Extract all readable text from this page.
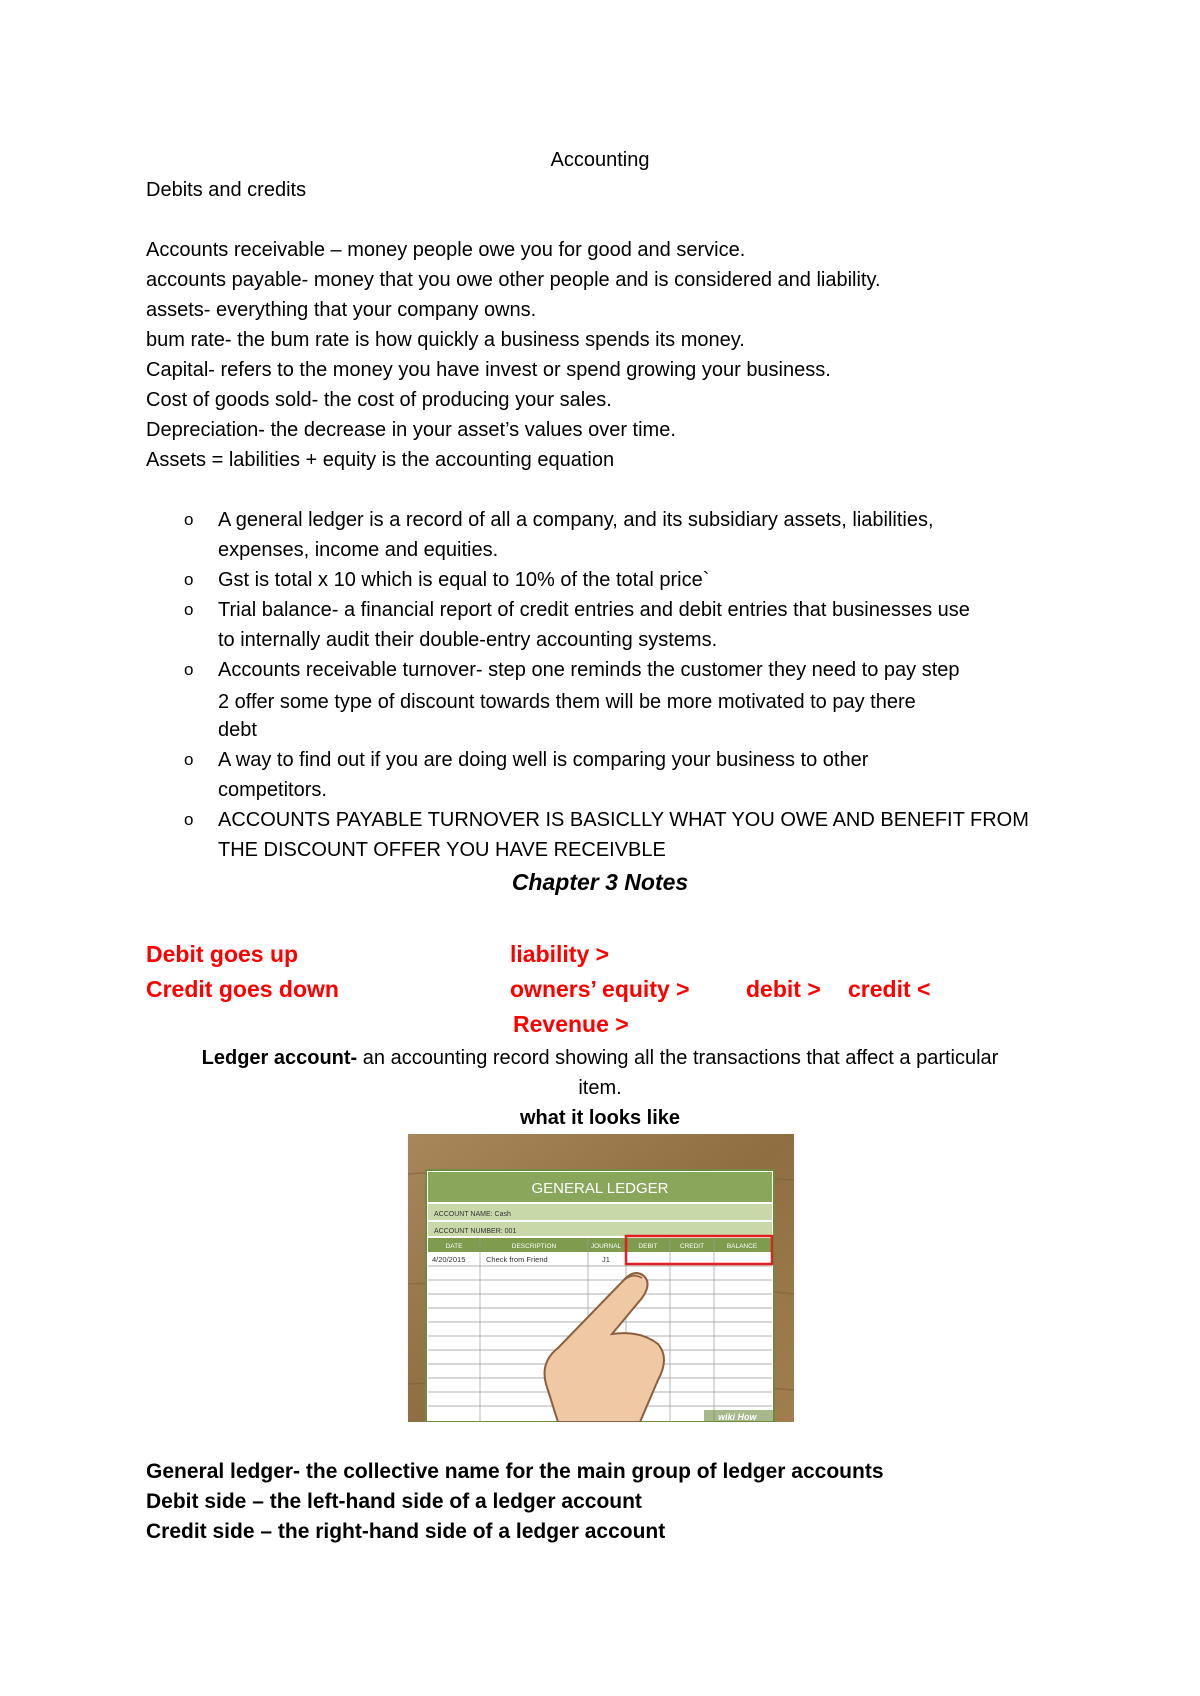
Accounting
Debits and credits
Accounts receivable – money people owe you for good and service.
accounts payable- money that you owe other people and is considered and liability.
assets- everything that your company owns.
bum rate- the bum rate is how quickly a business spends its money.
Capital- refers to the money you have invest or spend growing your business.
Cost of goods sold- the cost of producing your sales.
Depreciation- the decrease in your asset’s values over time.
Assets = labilities + equity is the accounting equation
o A general ledger is a record of all a company, and its subsidiary assets, liabilities,
expenses, income and equities.
o Gst is total x 10 which is equal to 10% of the total price`
o Trial balance- a financial report of credit entries and debit entries that businesses use
to internally audit their double-entry accounting systems.
o Accounts receivable turnover- step one reminds the customer they need to pay step
2 offer some type of discount towards them will be more motivated to pay there
debt
o A way to find out if you are doing well is comparing your business to other
competitors.
o ACCOUNTS PAYABLE TURNOVER IS BASICLLY WHAT YOU OWE AND BENEFIT FROM
THE DISCOUNT OFFER YOU HAVE RECEIVBLE
Chapter 3 Notes
Debit goes up	liability >
Credit goes down	owners’ equity > debit > credit <
Revenue >
Ledger account- an accounting record showing all the transactions that affect a particular
item.
what it looks like
GENERAL LEDGER
ACCOUNT NAME: Cash
ACCOUNT NUMBER: 001
DATE	DESCRIPTION	JOURNAL	DEBIT	CREDIT	BALANCE
4/20/2015	Check from Friend	J1
wiki How
General ledger- the collective name for the main group of ledger accounts
Debit side – the left-hand side of a ledger account
Credit side – the right-hand side of a ledger account
